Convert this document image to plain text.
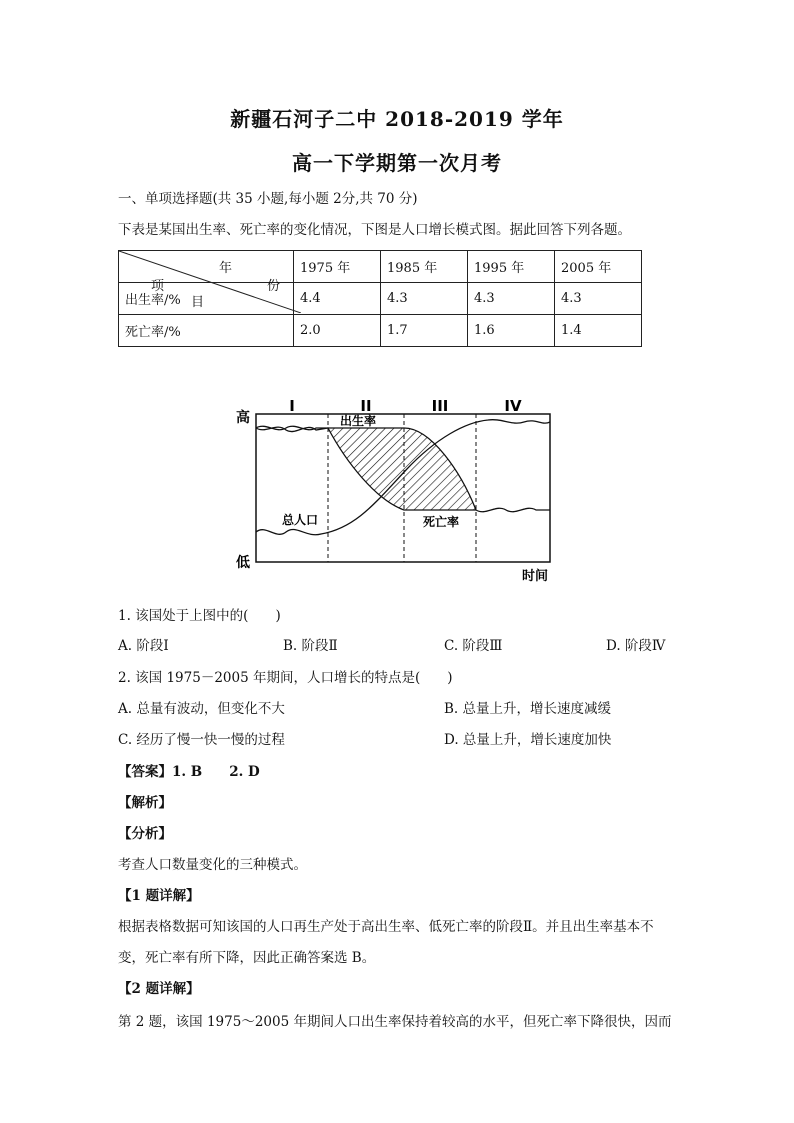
新疆石河子二中 2018-2019 学年
高一下学期第一次月考
一、单项选择题(共 35 小题,每小题 2分,共 70 分)
下表是某国出生率、死亡率的变化情况，下图是人口增长模式图。据此回答下列各题。
年
份
项
目	1975 年	1985 年	1995 年	2005 年
出生率/%	4.4	4.3	4.3	4.3
死亡率/%	2.0	1.7	1.6	1.4
I	II	III	IV
高
低
时间
出生率
死亡率
总人口
1. 该国处于上图中的(　　)
A. 阶段Ⅰ	B. 阶段Ⅱ	C. 阶段Ⅲ	D. 阶段Ⅳ
2. 该国 1975－2005 年期间，人口增长的特点是(　　)
A. 总量有波动，但变化不大	B. 总量上升，增长速度减缓
C. 经历了慢一快一慢的过程	D. 总量上升，增长速度加快
【答案】1. B　　2. D
【解析】
【分析】
考查人口数量变化的三种模式。
【1 题详解】
根据表格数据可知该国的人口再生产处于高出生率、低死亡率的阶段Ⅱ。并且出生率基本不
变，死亡率有所下降，因此正确答案选 B。
【2 题详解】
第 2 题，该国 1975～2005 年期间人口出生率保持着较高的水平，但死亡率下降很快，因而
